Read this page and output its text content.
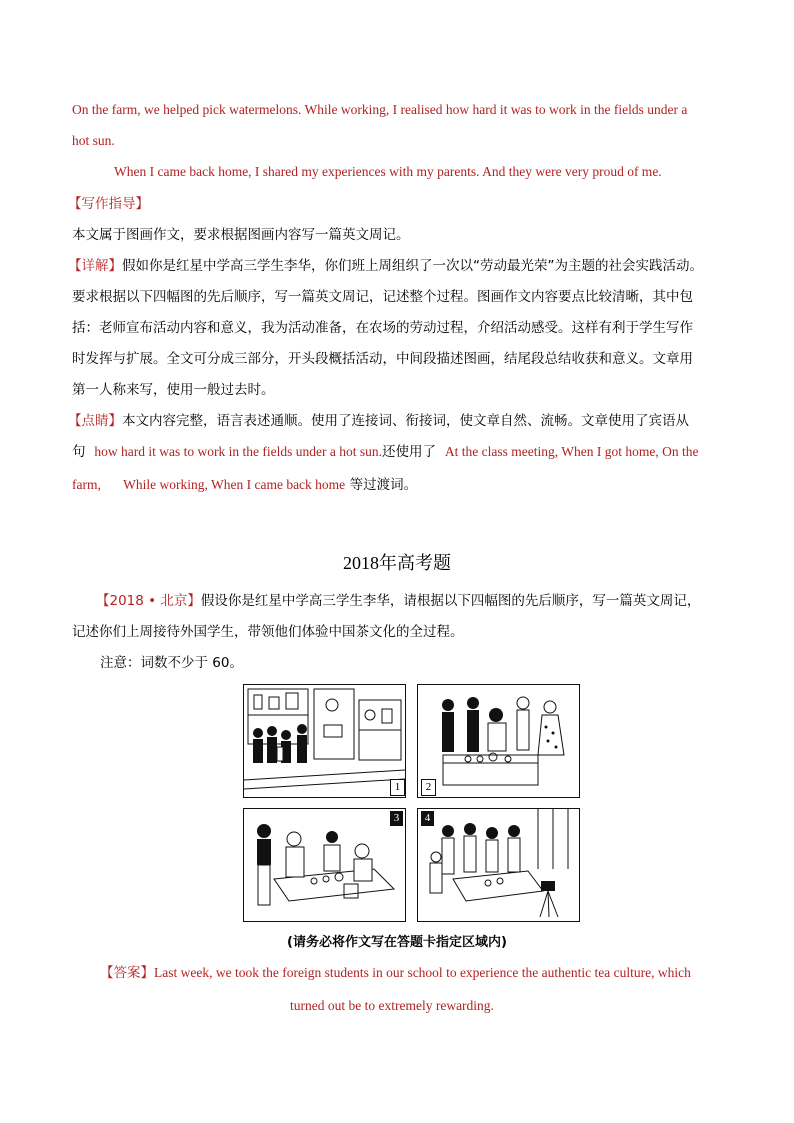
On the farm, we helped pick watermelons. While working, I realised how hard it was to work in the fields under a
hot sun.
When I came back home, I shared my experiences with my parents. And they were very proud of me.
【写作指导】
本文属于图画作文，要求根据图画内容写一篇英文周记。
【详解】假如你是红星中学高三学生李华，你们班上周组织了一次以“劳动最光荣”为主题的社会实践活动。
要求根据以下四幅图的先后顺序，写一篇英文周记，记述整个过程。图画作文内容要点比较清晰，其中包
括：老师宣布活动内容和意义，我为活动准备，在农场的劳动过程，介绍活动感受。这样有利于学生写作
时发挥与扩展。全文可分成三部分，开头段概括活动，中间段描述图画，结尾段总结收获和意义。文章用
第一人称来写，使用一般过去时。
【点睛】本文内容完整，语言表述通顺。使用了连接词、衔接词，使文章自然、流畅。文章使用了宾语从
句 how hard it was to work in the fields under a hot sun.还使用了 At the class meeting, When I got home, On the
farm, While working, When I came back home 等过渡词。
2018年高考题
【2018 • 北京】假设你是红星中学高三学生李华，请根据以下四幅图的先后顺序，写一篇英文周记，
记述你们上周接待外国学生，带领他们体验中国茶文化的全过程。
注意：词数不少于 60。
1	2
3	4
(请务必将作文写在答题卡指定区域内)
【答案】Last week, we took the foreign students in our school to experience the authentic tea culture, which
turned out be to extremely rewarding.
